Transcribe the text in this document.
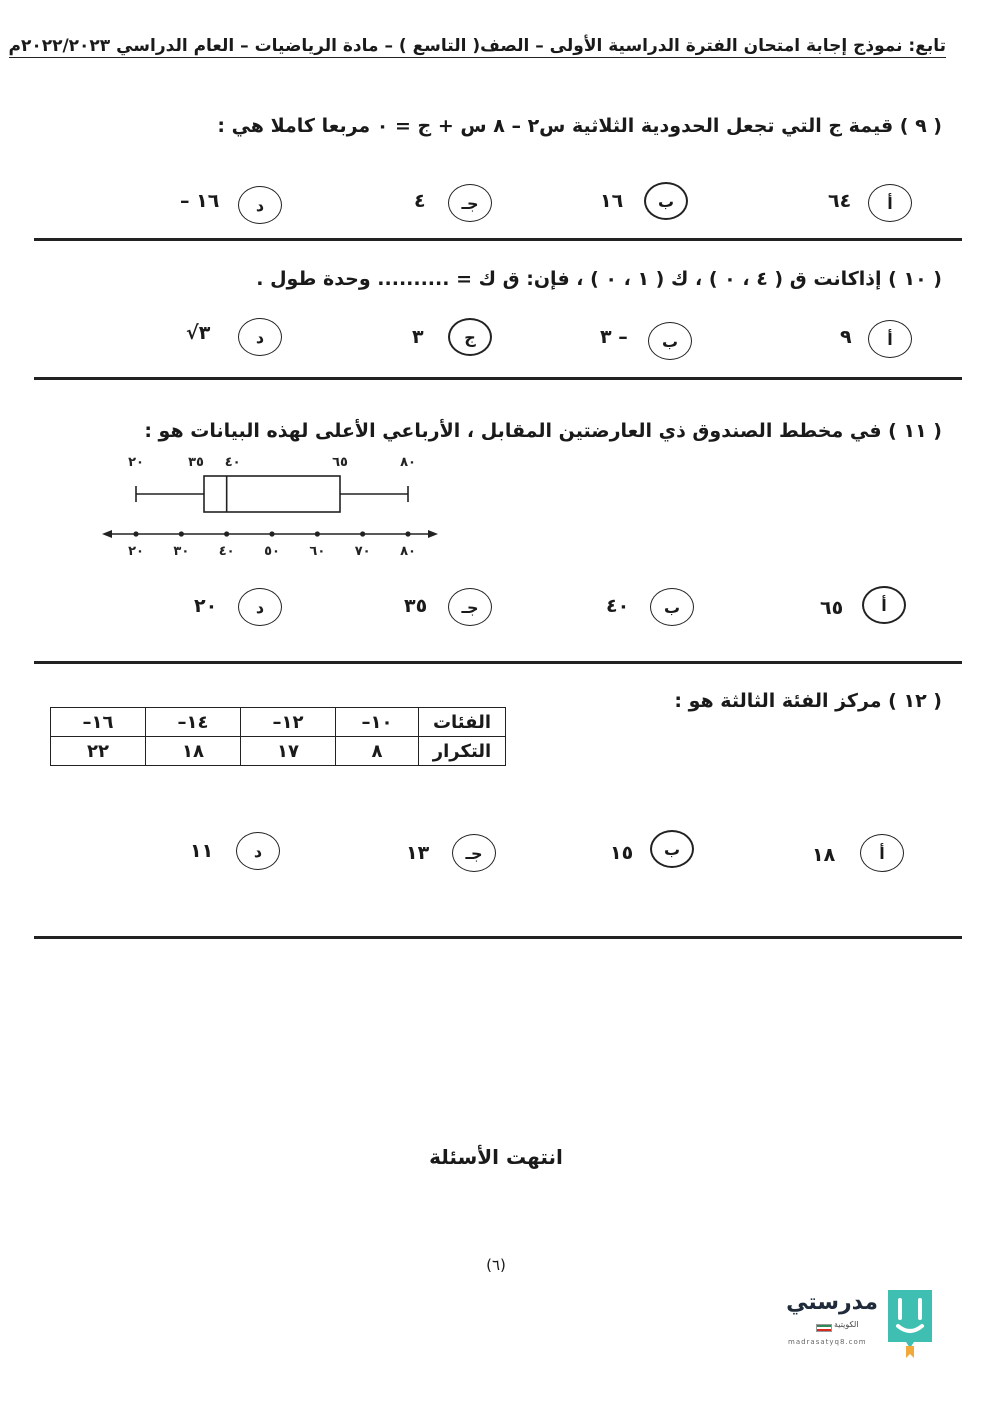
تابع: نموذج إجابة امتحان الفترة الدراسية الأولى – الصف( التاسع ) – مادة الرياضيات – العام الدراسي ٢٠٢٢/٢٠٢٣م
( ٩ ) قيمة ج التي تجعل الحدودية الثلاثية س٢ – ٨ س + ج = ٠ مربعا كاملا هي :
أ
٦٤
ب
١٦
جـ
٤
د
– ١٦
( ١٠ ) إذاكانت ق ( ٤ ، ٠ ) ، ك ( ١ ، ٠ ) ، فإن: ق ك = .......... وحدة طول .
أ
٩
ب
٣ –
ج
٣
د
√٣
( ١١ ) في مخطط الصندوق ذي العارضتين المقابل ، الأرباعي الأعلى لهذه البيانات هو :
٢٠	٣٥ ٤٠	٦٥	٨٠
٢٠ ٣٠ ٤٠ ٥٠ ٦٠ ٧٠ ٨٠
أ
٦٥
ب
٤٠
جـ
٣٥
د
٢٠
( ١٢ ) مركز الفئة الثالثة هو :
الفئات	١٠–	١٢–	١٤–	١٦–
التكرار	٨	١٧	١٨	٢٢
أ
١٨
ب
١٥
جـ
١٣
د
١١
انتهت الأسئلة
(٦)
مدرستي
الكويتية
madrasatyq8.com
